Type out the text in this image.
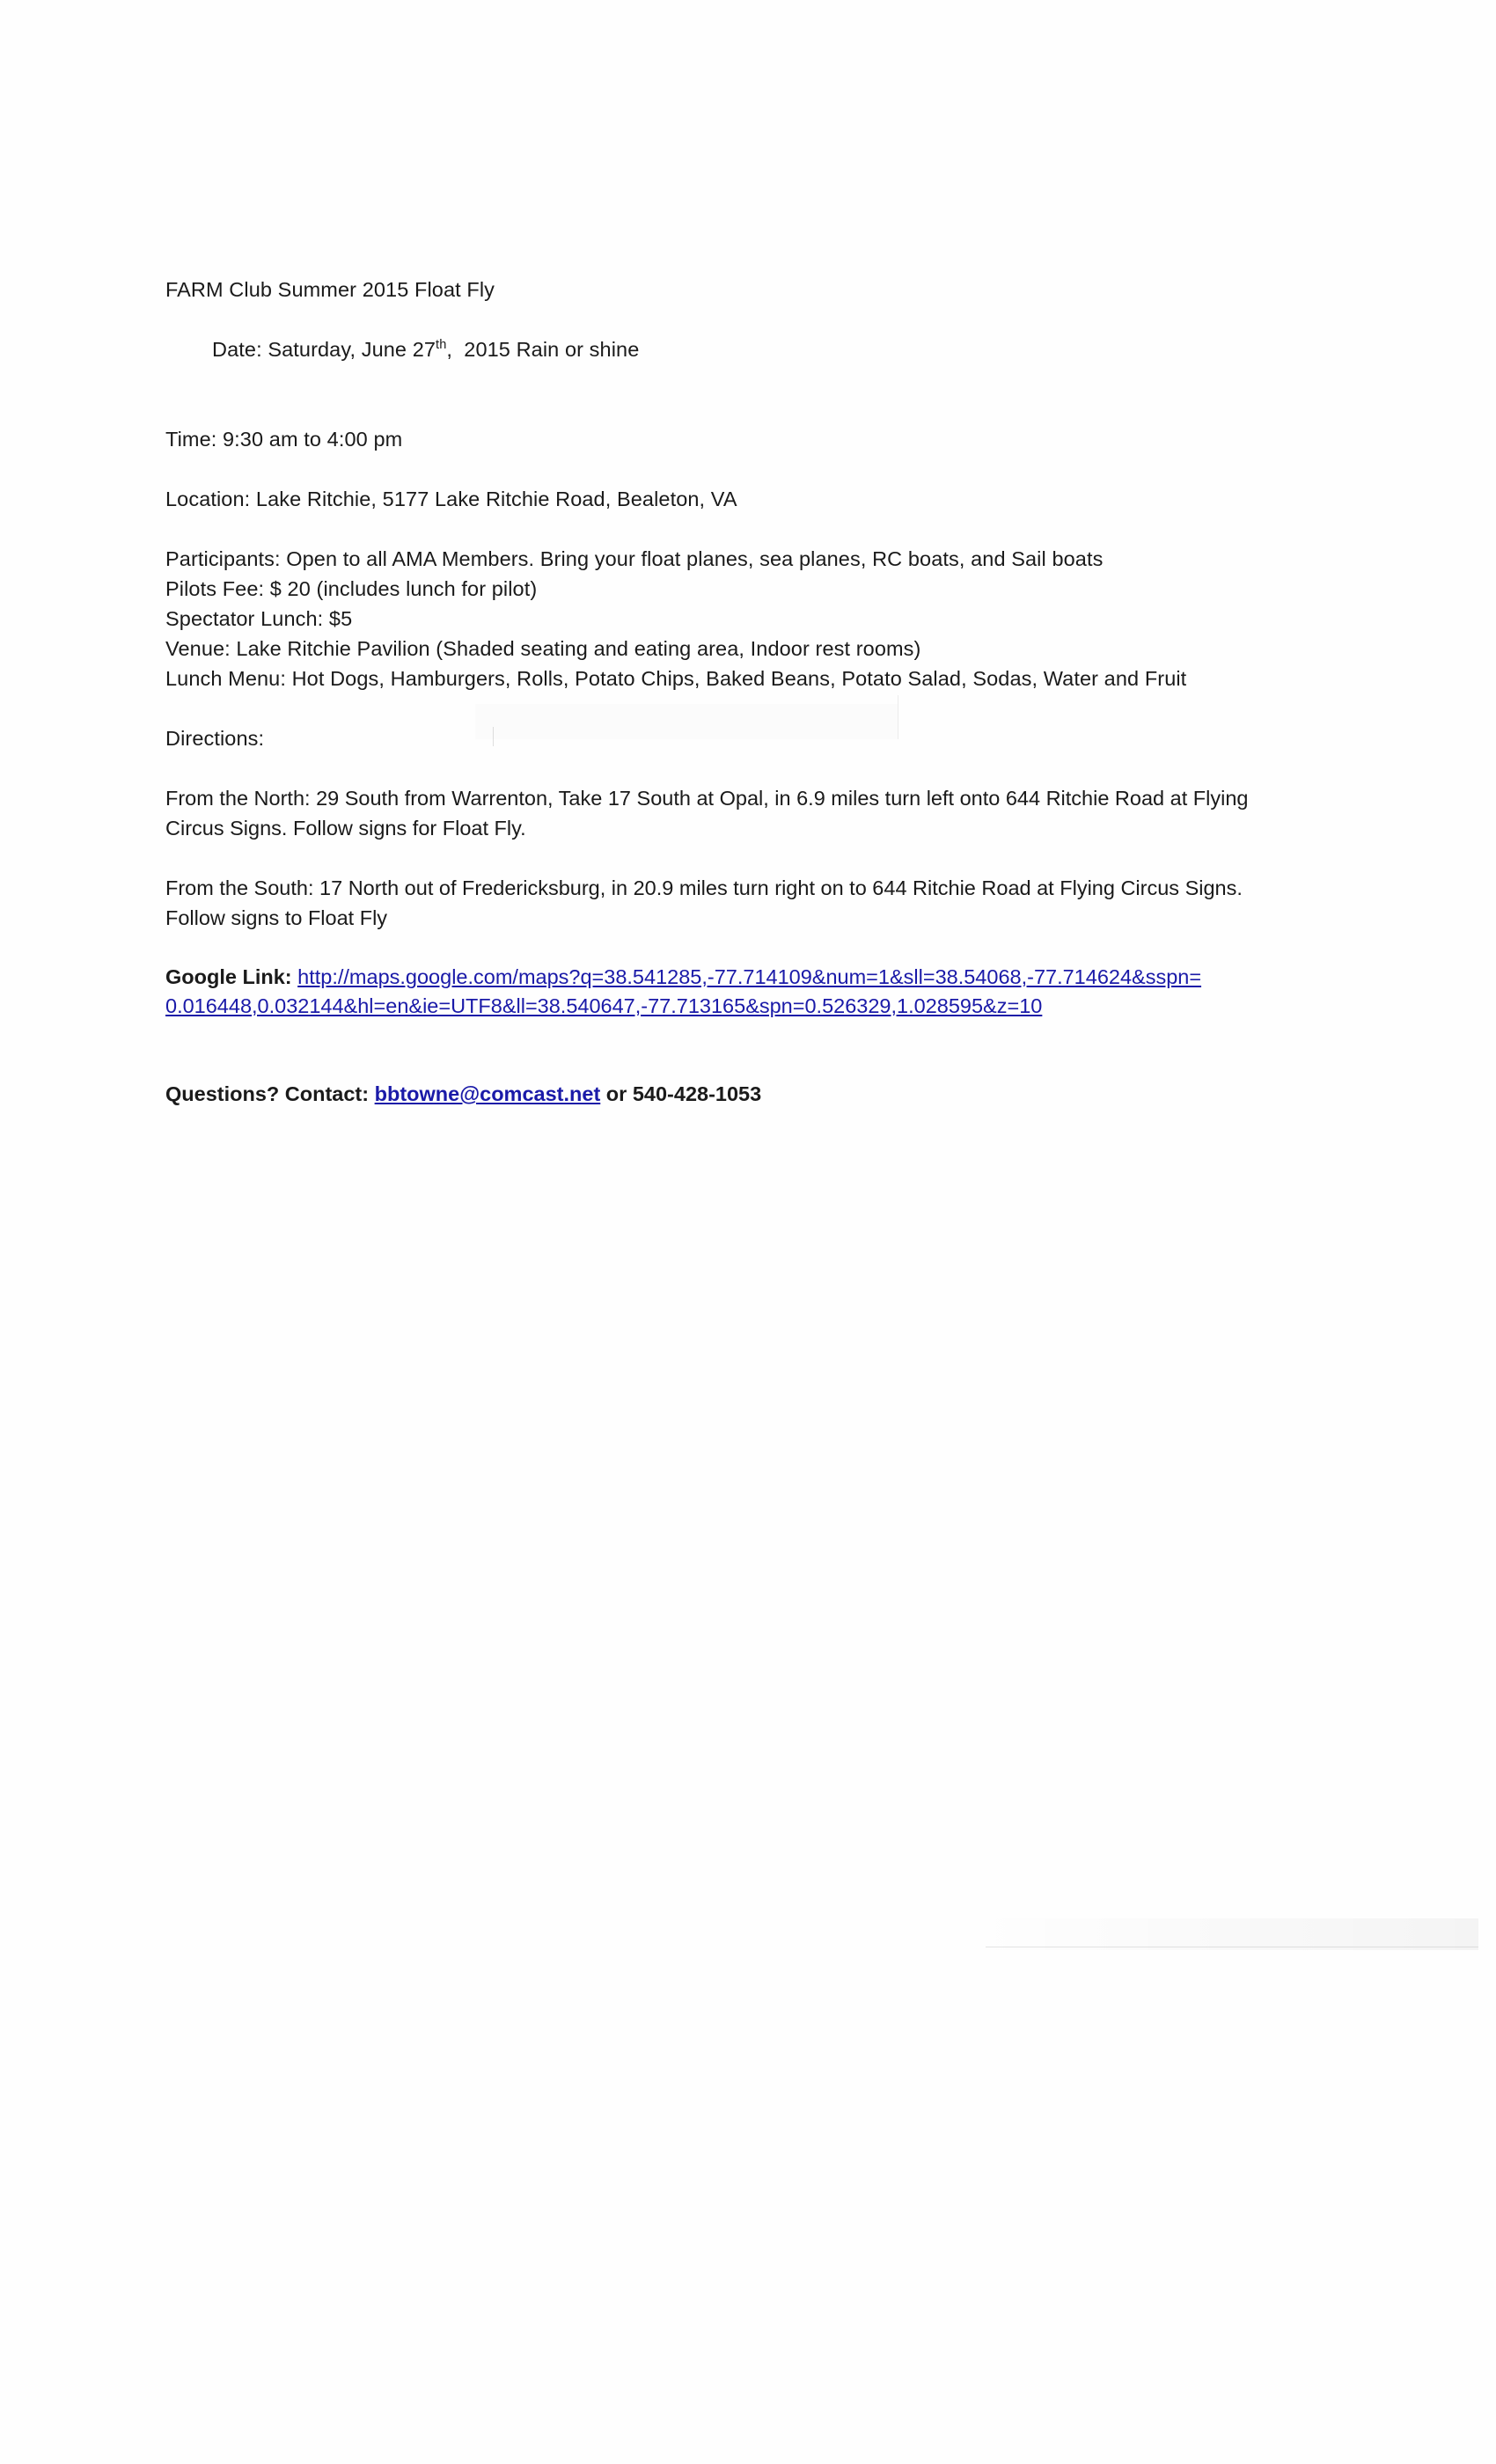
FARM Club Summer 2015 Float Fly

Date: Saturday, June 27th,  2015 Rain or shine

Time: 9:30 am to 4:00 pm
Location: Lake Ritchie, 5177 Lake Ritchie Road, Bealeton, VA
Participants: Open to all AMA Members. Bring your float planes, sea planes, RC boats, and Sail boats
Pilots Fee: $ 20 (includes lunch for pilot)
Spectator Lunch: $5
Venue: Lake Ritchie Pavilion (Shaded seating and eating area, Indoor rest rooms)
Lunch Menu: Hot Dogs, Hamburgers, Rolls, Potato Chips, Baked Beans, Potato Salad, Sodas, Water and Fruit
Directions:
From the North: 29 South from Warrenton, Take 17 South at Opal, in 6.9 miles turn left onto 644 Ritchie Road at Flying Circus Signs. Follow signs for Float Fly.
From the South: 17 North out of Fredericksburg, in 20.9 miles turn right on to 644 Ritchie Road at Flying Circus Signs. Follow signs to Float Fly
Google Link: http://maps.google.com/maps?q=38.541285,-77.714109&num=1&sll=38.54068,-77.714624&sspn=0.016448,0.032144&hl=en&ie=UTF8&ll=38.540647,-77.713165&spn=0.526329,1.028595&z=10
Questions? Contact: bbtowne@comcast.net or 540-428-1053
